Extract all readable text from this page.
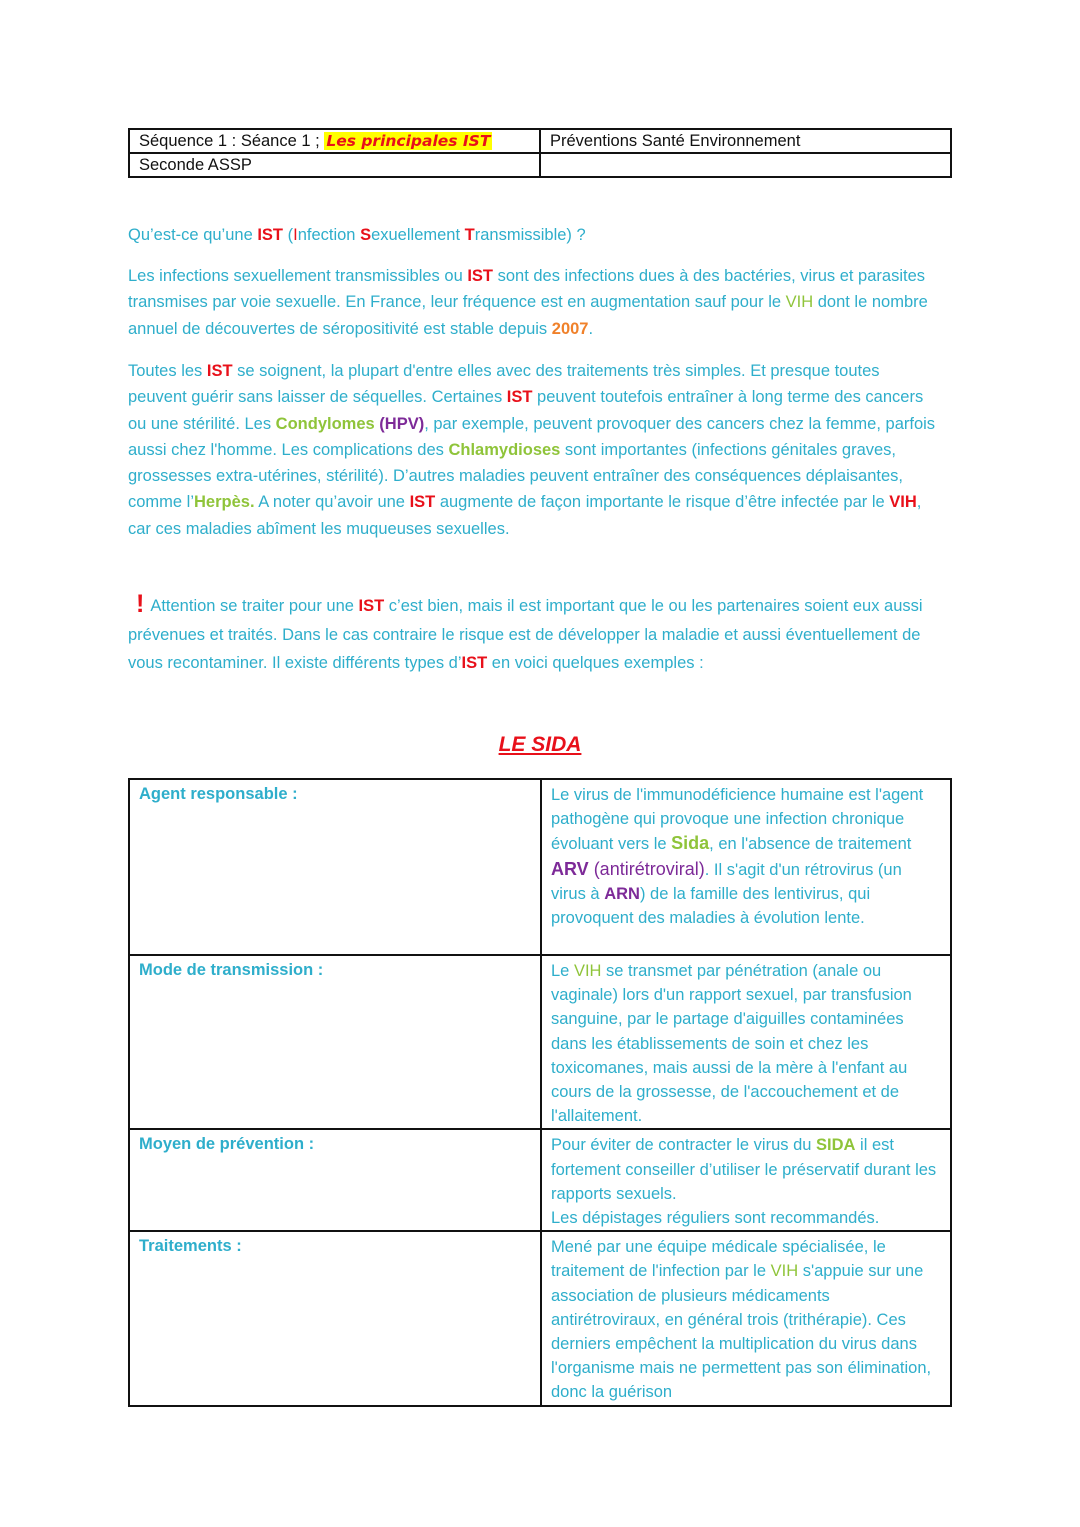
Séquence 1 : Séance 1 ; Les principales IST	Préventions Santé Environnement
Seconde ASSP	

Qu’est-ce qu’une IST (Infection Sexuellement Transmissible) ?

Les infections sexuellement transmissibles ou IST sont des infections dues à des bactéries, virus et parasites transmises par voie sexuelle. En France, leur fréquence est en augmentation sauf pour le VIH dont le nombre annuel de découvertes de séropositivité est stable depuis 2007.

Toutes les IST se soignent, la plupart d'entre elles avec des traitements très simples. Et presque toutes peuvent guérir sans laisser de séquelles. Certaines IST peuvent toutefois entraîner à long terme des cancers ou une stérilité. Les Condylomes (HPV), par exemple, peuvent provoquer des cancers chez la femme, parfois aussi chez l'homme. Les complications des Chlamydioses sont importantes (infections génitales graves, grossesses extra-utérines, stérilité). D’autres maladies peuvent entraîner des conséquences déplaisantes, comme l’Herpès. A noter qu’avoir une IST augmente de façon importante le risque d’être infectée par le VIH, car ces maladies abîment les muqueuses sexuelles.

! Attention se traiter pour une IST c’est bien, mais il est important que le ou les partenaires soient eux aussi prévenues et traités. Dans le cas contraire le risque est de développer la maladie et aussi éventuellement de vous recontaminer. Il existe différents types d’IST en voici quelques exemples :

LE SIDA
Agent responsable :	Le virus de l'immunodéficience humaine est l'agent pathogène qui provoque une infection chronique évoluant vers le Sida, en l'absence de traitement ARV (antirétroviral). Il s'agit d'un rétrovirus (un virus à ARN) de la famille des lentivirus, qui provoquent des maladies à évolution lente.
Mode de transmission :	Le VIH se transmet par pénétration (anale ou vaginale) lors d'un rapport sexuel, par transfusion sanguine, par le partage d'aiguilles contaminées dans les établissements de soin et chez les toxicomanes, mais aussi de la mère à l'enfant au cours de la grossesse, de l'accouchement et de l'allaitement.
Moyen de prévention :	Pour éviter de contracter le virus du SIDA il est fortement conseiller d’utiliser le préservatif durant les rapports sexuels.
Les dépistages réguliers sont recommandés.
Traitements :	Mené par une équipe médicale spécialisée, le traitement de l'infection par le VIH s'appuie sur une association de plusieurs médicaments antirétroviraux, en général trois (trithérapie). Ces derniers empêchent la multiplication du virus dans l'organisme mais ne permettent pas son élimination, donc la guérison
